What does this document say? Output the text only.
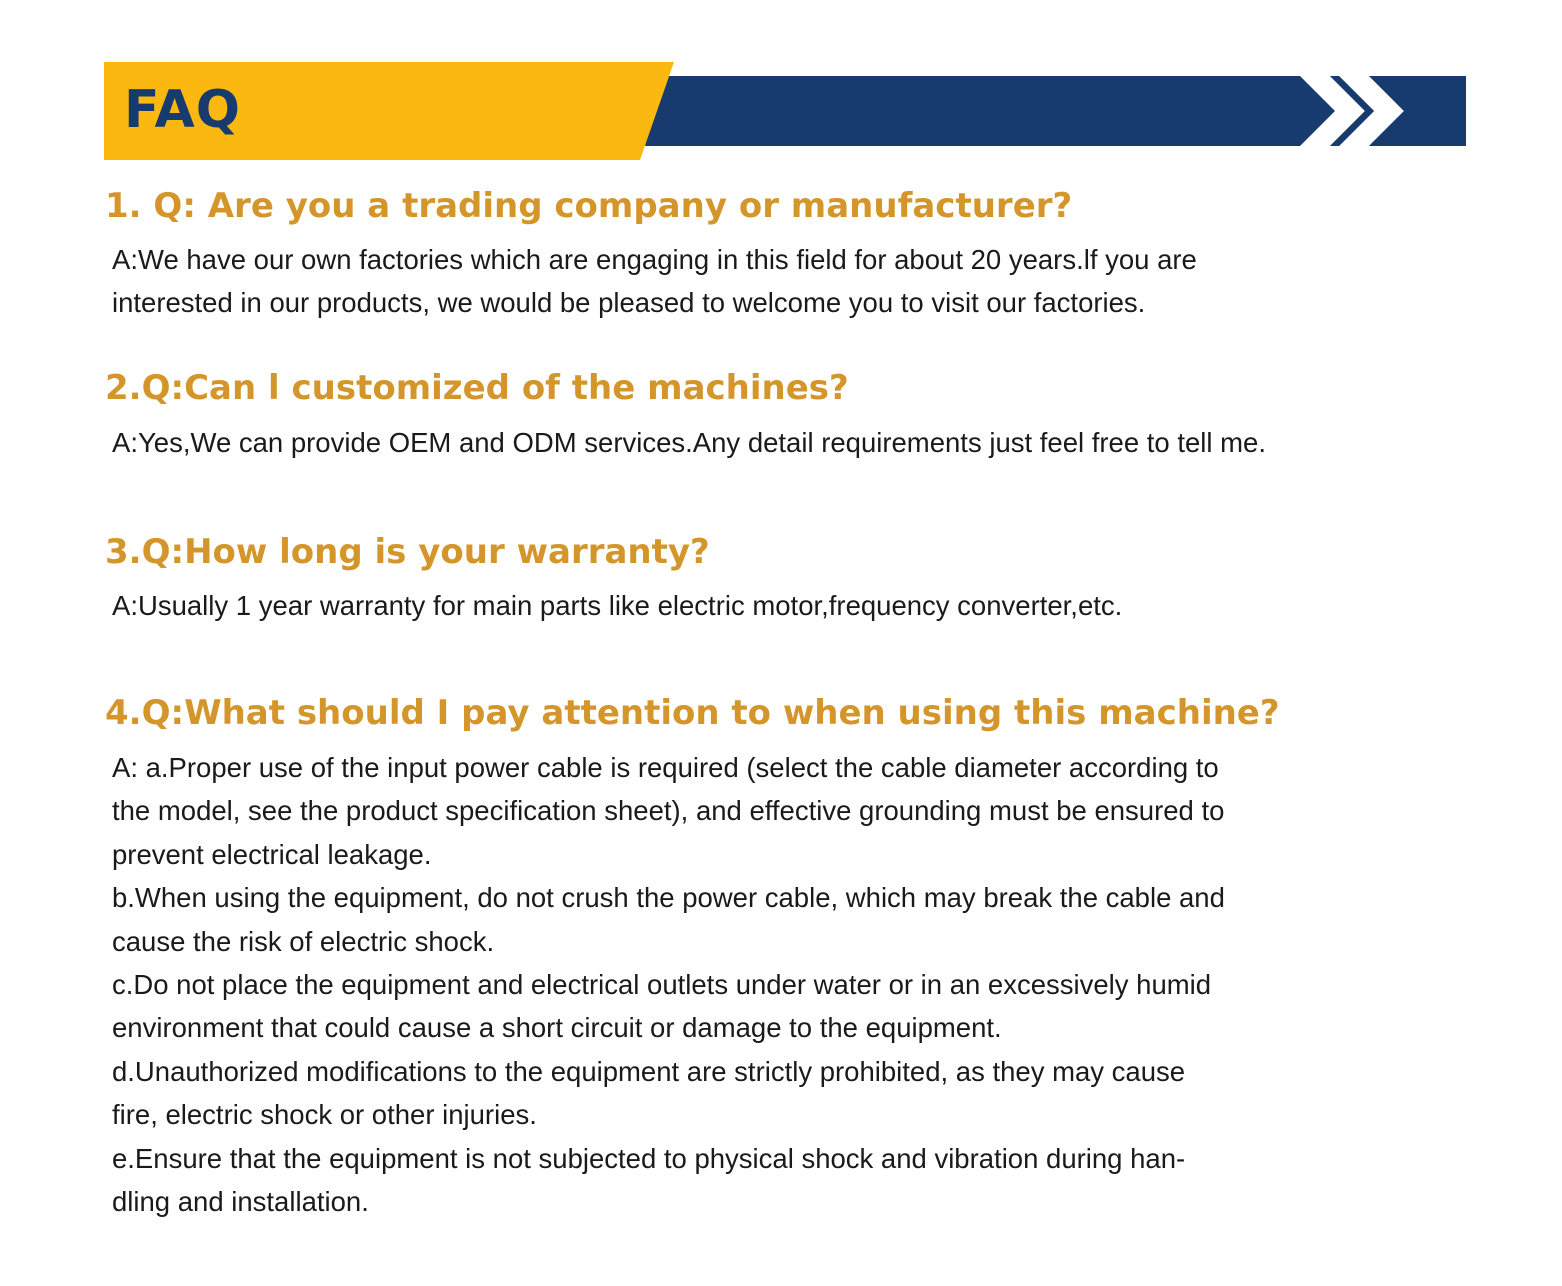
FAQ
1. Q: Are you a trading company or manufacturer?
A:We have our own factories which are engaging in this field for about 20 years.lf you are
interested in our products, we would be pleased to welcome you to visit our factories.
2.Q:Can l customized of the machines?
A:Yes,We can provide OEM and ODM services.Any detail requirements just feel free to tell me.
3.Q:How long is your warranty?
A:Usually 1 year warranty for main parts like electric motor,frequency converter,etc.
4.Q:What should I pay attention to when using this machine?
A: a.Proper use of the input power cable is required (select the cable diameter according to
the model, see the product specification sheet), and effective grounding must be ensured to
prevent electrical leakage.
b.When using the equipment, do not crush the power cable, which may break the cable and
cause the risk of electric shock.
c.Do not place the equipment and electrical outlets under water or in an excessively humid
environment that could cause a short circuit or damage to the equipment.
d.Unauthorized modifications to the equipment are strictly prohibited, as they may cause
fire, electric shock or other injuries.
e.Ensure that the equipment is not subjected to physical shock and vibration during han-
dling and installation.
